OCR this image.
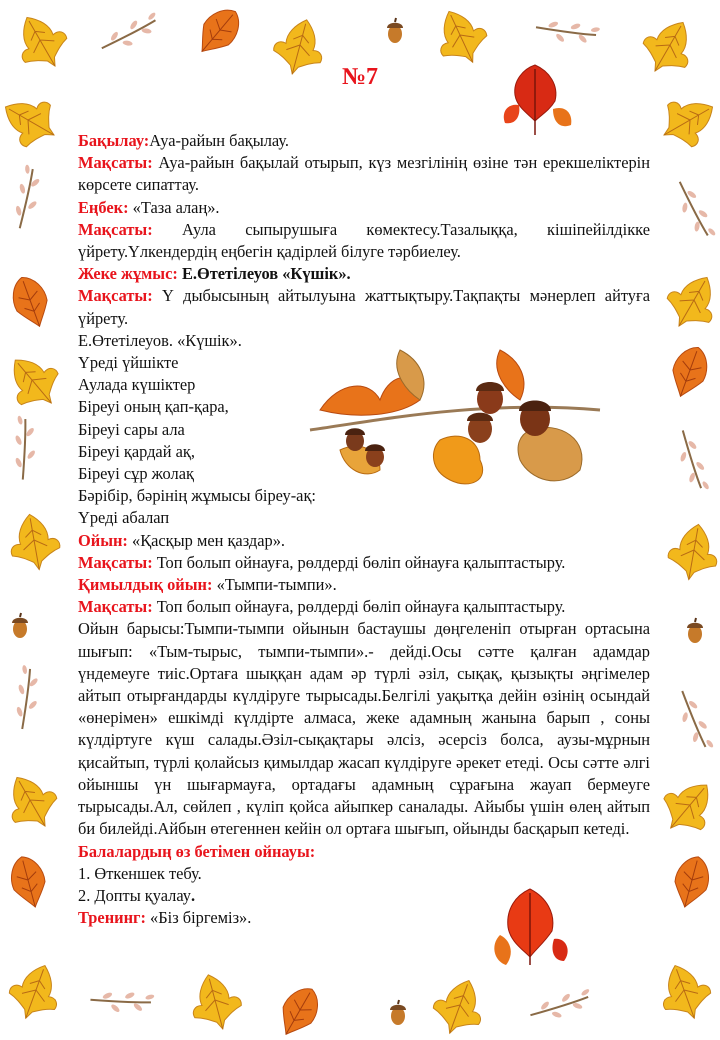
№7

Бақылау:Ауа-райын бақылау.

Мақсаты: Ауа-райын бақылай отырып, күз мезгілінің өзіне тән ерекшеліктерін көрсете сипаттау.

Еңбек: «Таза алаң».

Мақсаты: Аула сыпырушыға көмектесу.Тазалыққа, кішіпейілдікке үйрету.Үлкендердің еңбегін қадірлей білуге тәрбиелеу.

Жеке жұмыс: Е.Өтетілеуов «Күшік».

Мақсаты: Ү дыбысының айтылуына жаттықтыру.Тақпақты мәнерлеп айтуға үйрету.

Е.Өтетілеуов. «Күшік».

Үреді үйшікте

Аулада күшіктер

Біреуі оның қап-қара,

Біреуі сары ала

Біреуі қардай ақ,

Біреуі сұр жолақ

Бәрібір, бәрінің жұмысы біреу-ақ:

Үреді абалап

Ойын: «Қасқыр мен қаздар».

Мақсаты: Топ болып ойнауға, рөлдерді бөліп ойнауға қалыптастыру.

Қимылдық ойын: «Тымпи-тымпи».

Мақсаты: Топ болып ойнауға, рөлдерді бөліп ойнауға қалыптастыру.

Ойын барысы:Тымпи-тымпи ойынын бастаушы дөңгеленіп отырған ортасына шығып: «Тым-тырыс, тымпи-тымпи».- дейді.Осы сәтте қалған адамдар үндемеуге тиіс.Ортаға шыққан адам әр түрлі әзіл, сықақ, қызықты әңгімелер айтып отырғандарды күлдіруге тырысады.Белгілі уақытқа дейін өзінің осындай «өнерімен» ешкімді күлдірте алмаса, жеке адамның жанына барып , соны күлдіртуге күш салады.Әзіл-сықақтары әлсіз, әсерсіз болса, аузы-мұрнын қисайтып, түрлі қолайсыз қимылдар жасап күлдіруге әрекет етеді. Осы сәтте әлгі ойыншы үн шығармауға, ортадағы адамның сұрағына жауап бермеуге тырысады.Ал, сөйлеп , күліп қойса айыпкер саналады. Айыбы үшін өлең айтып би билейді.Айбын өтегеннен кейін ол ортаға шығып, ойынды басқарып кетеді.

Балалардың өз бетімен ойнауы:

1. Өткеншек тебу.

2. Допты қуалау.

Тренинг: «Біз біргеміз».
